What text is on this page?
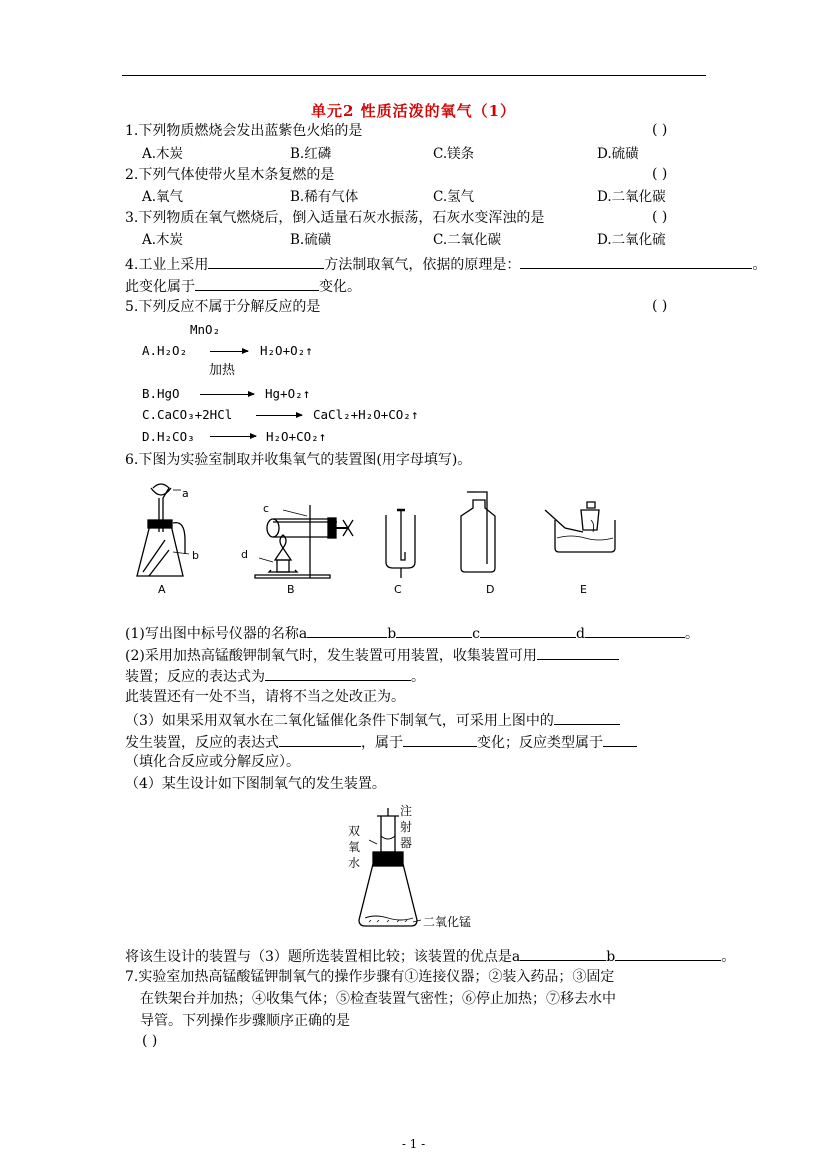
单元2 性质活泼的氧气（1）
1.下列物质燃烧会发出蓝紫色火焰的是	( )
A.木炭	B.红磷	C.镁条	D.硫磺
2.下列气体使带火星木条复燃的是	( )
A.氧气	B.稀有气体	C.氢气	D.二氧化碳
3.下列物质在氧气燃烧后，倒入适量石灰水振荡，石灰水变浑浊的是	( )
A.木炭	B.硫磺	C.二氧化碳	D.二氧化硫
4.工业上采用	方法制取氧气，依据的原理是：	。
此变化属于	变化。
5.下列反应不属于分解反应的是	( )
MnO₂
A. H₂O₂	H₂O+O₂↑
加热
B. HgO	Hg+O₂↑
C. CaCO₃+2HCl	CaCl₂+H₂O+CO₂↑
D. H₂CO₃	H₂O+CO₂↑
6.下图为实验室制取并收集氧气的装置图(用字母填写)。
a
b
c
d
A	B	C	D	E
(1)写出图中标号仪器的名称a	b	c	d	。
(2)采用加热高锰酸钾制氧气时，发生装置可用装置，收集装置可用
装置；反应的表达式为	。
此装置还有一处不当，请将不当之处改正为。
（3）如果采用双氧水在二氧化锰催化条件下制氧气，可采用上图中的
发生装置，反应的表达式	，属于	变化；反应类型属于
（填化合反应或分解反应）。
（4）某生设计如下图制氧气的发生装置。
注
射
器
双
氧
水
二氧化锰
将该生设计的装置与（3）题所选装置相比较；该装置的优点是a	b	。
7.实验室加热高锰酸锰钾制氧气的操作步骤有①连接仪器；②装入药品；③固定
在铁架台并加热；④收集气体；⑤检查装置气密性；⑥停止加热；⑦移去水中
导管。下列操作步骤顺序正确的是
( )
- 1 -
